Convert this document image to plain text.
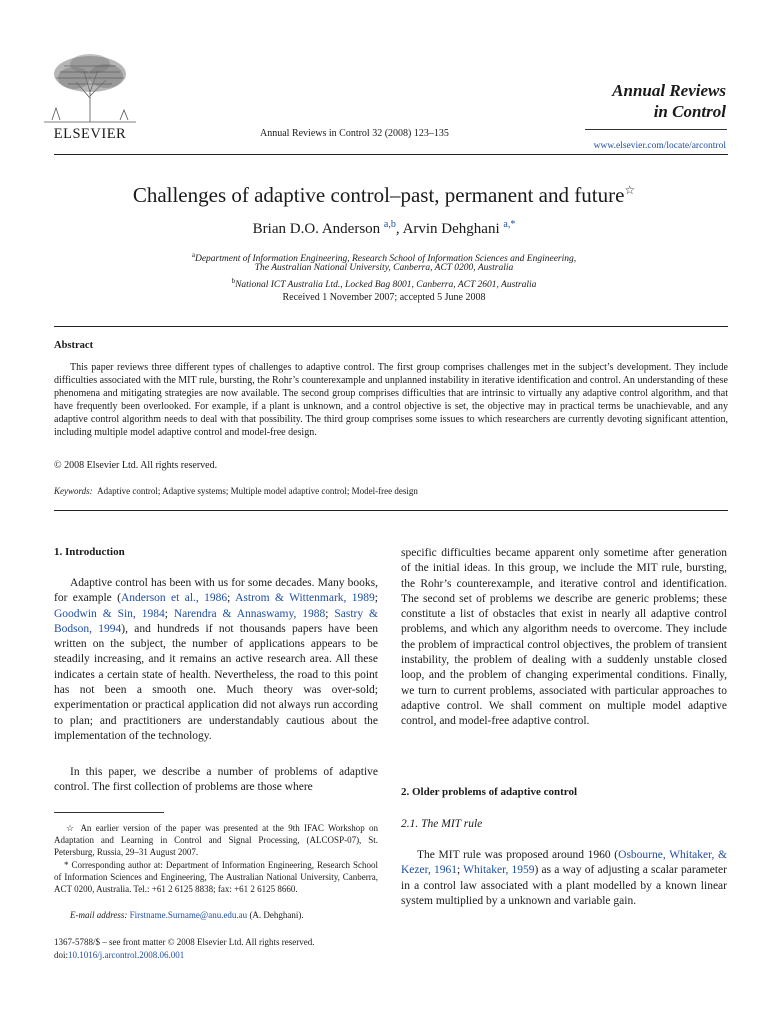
ELSEVIER	Annual Reviews in Control 32 (2008) 123–135
Annual Reviews
in Control
www.elsevier.com/locate/arcontrol
Challenges of adaptive control–past, permanent and future☆
Brian D.O. Anderson $^{a,b}$, Arvin Dehghani $^{a,*}$
$^a$Department of Information Engineering, Research School of Information Sciences and Engineering,
The Australian National University, Canberra, ACT 0200, Australia
$^b$National ICT Australia Ltd., Locked Bag 8001, Canberra, ACT 2601, Australia
Received 1 November 2007; accepted 5 June 2008
Abstract
This paper reviews three different types of challenges to adaptive control. The first group comprises challenges met in the subject’s development. They include difficulties associated with the MIT rule, bursting, the Rohr’s counterexample and unplanned instability in iterative identification and control. An understanding of these phenomena and mitigating strategies are now available. The second group comprises difficulties that are intrinsic to virtually any adaptive control algorithm, and that have frequently been overlooked. For example, if a plant is unknown, and a control objective is set, the objective may in practical terms be unachievable, and any adaptive control algorithm needs to deal with that possibility. The third group comprises some issues to which researchers are currently devoting significant attention, including multiple model adaptive control and model-free design.
© 2008 Elsevier Ltd. All rights reserved.
Keywords: Adaptive control; Adaptive systems; Multiple model adaptive control; Model-free design
1. Introduction
Adaptive control has been with us for some decades. Many books, for example (Anderson et al., 1986; Astrom & Wittenmark, 1989; Goodwin & Sin, 1984; Narendra & Annaswamy, 1988; Sastry & Bodson, 1994), and hundreds if not thousands papers have been written on the subject, the number of applications appears to be steadily increasing, and it remains an active research area. All these indicates a certain state of health. Nevertheless, the road to this point has not been a smooth one. Much theory was over-sold; experimentation or practical application did not always run according to plan; and practitioners are understandably cautious about the implementation of the technology.
In this paper, we describe a number of problems of adaptive control. The first collection of problems are those where
☆ An earlier version of the paper was presented at the 9th IFAC Workshop on Adaptation and Learning in Control and Signal Processing, (ALCOSP-07), St. Petersburg, Russia, 29–31 August 2007.
* Corresponding author at: Department of Information Engineering, Research School of Information Sciences and Engineering, The Australian National University, Canberra, ACT 0200, Australia. Tel.: +61 2 6125 8838; fax: +61 2 6125 8660.
E-mail address: Firstname.Surname@anu.edu.au (A. Dehghani).
1367-5788/$ – see front matter © 2008 Elsevier Ltd. All rights reserved.
doi:10.1016/j.arcontrol.2008.06.001
specific difficulties became apparent only sometime after generation of the initial ideas. In this group, we include the MIT rule, bursting, the Rohr’s counterexample, and iterative control and identification. The second set of problems we describe are generic problems; these constitute a list of obstacles that exist in nearly all adaptive control problems, and which any algorithm needs to overcome. They include the problem of impractical control objectives, the problem of transient instability, the problem of dealing with a suddenly unstable closed loop, and the problem of changing experimental conditions. Finally, we turn to current problems, associated with particular approaches to adaptive control. We shall comment on multiple model adaptive control, and model-free adaptive control.
2. Older problems of adaptive control
2.1. The MIT rule
The MIT rule was proposed around 1960 (Osbourne, Whitaker, & Kezer, 1961; Whitaker, 1959) as a way of adjusting a scalar parameter in a control law associated with a plant modelled by a known linear system multiplied by a unknown and variable gain.
